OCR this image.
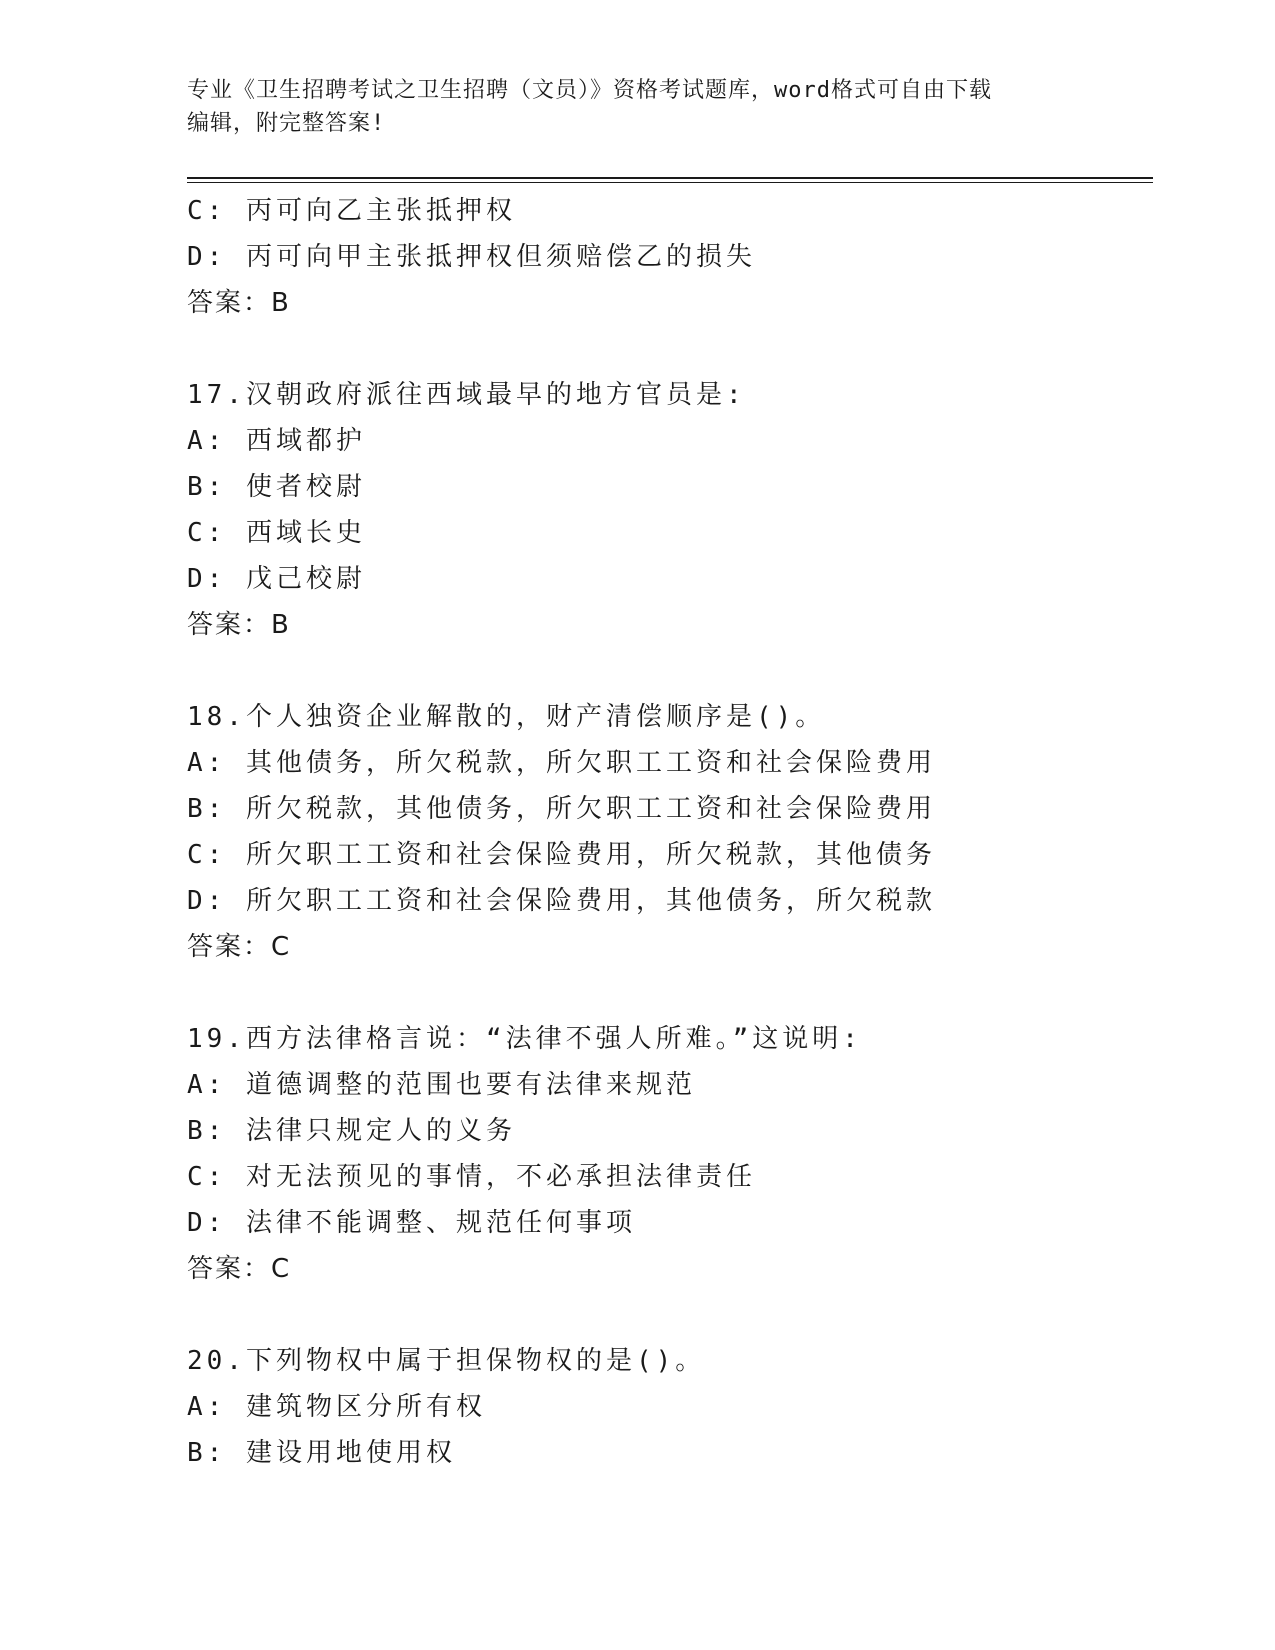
专业《卫生招聘考试之卫生招聘（文员）》资格考试题库，word格式可自由下载
编辑，附完整答案!
C: 丙可向乙主张抵押权
D: 丙可向甲主张抵押权但须赔偿乙的损失
答案：B
17.汉朝政府派往西域最早的地方官员是:
A: 西域都护
B: 使者校尉
C: 西域长史
D: 戊己校尉
答案：B
18.个人独资企业解散的，财产清偿顺序是()。
A: 其他债务，所欠税款，所欠职工工资和社会保险费用
B: 所欠税款，其他债务，所欠职工工资和社会保险费用
C: 所欠职工工资和社会保险费用，所欠税款，其他债务
D: 所欠职工工资和社会保险费用，其他债务，所欠税款
答案：C
19.西方法律格言说：“法律不强人所难。”这说明:
A: 道德调整的范围也要有法律来规范
B: 法律只规定人的义务
C: 对无法预见的事情，不必承担法律责任
D: 法律不能调整、规范任何事项
答案：C
20.下列物权中属于担保物权的是()。
A: 建筑物区分所有权
B: 建设用地使用权
